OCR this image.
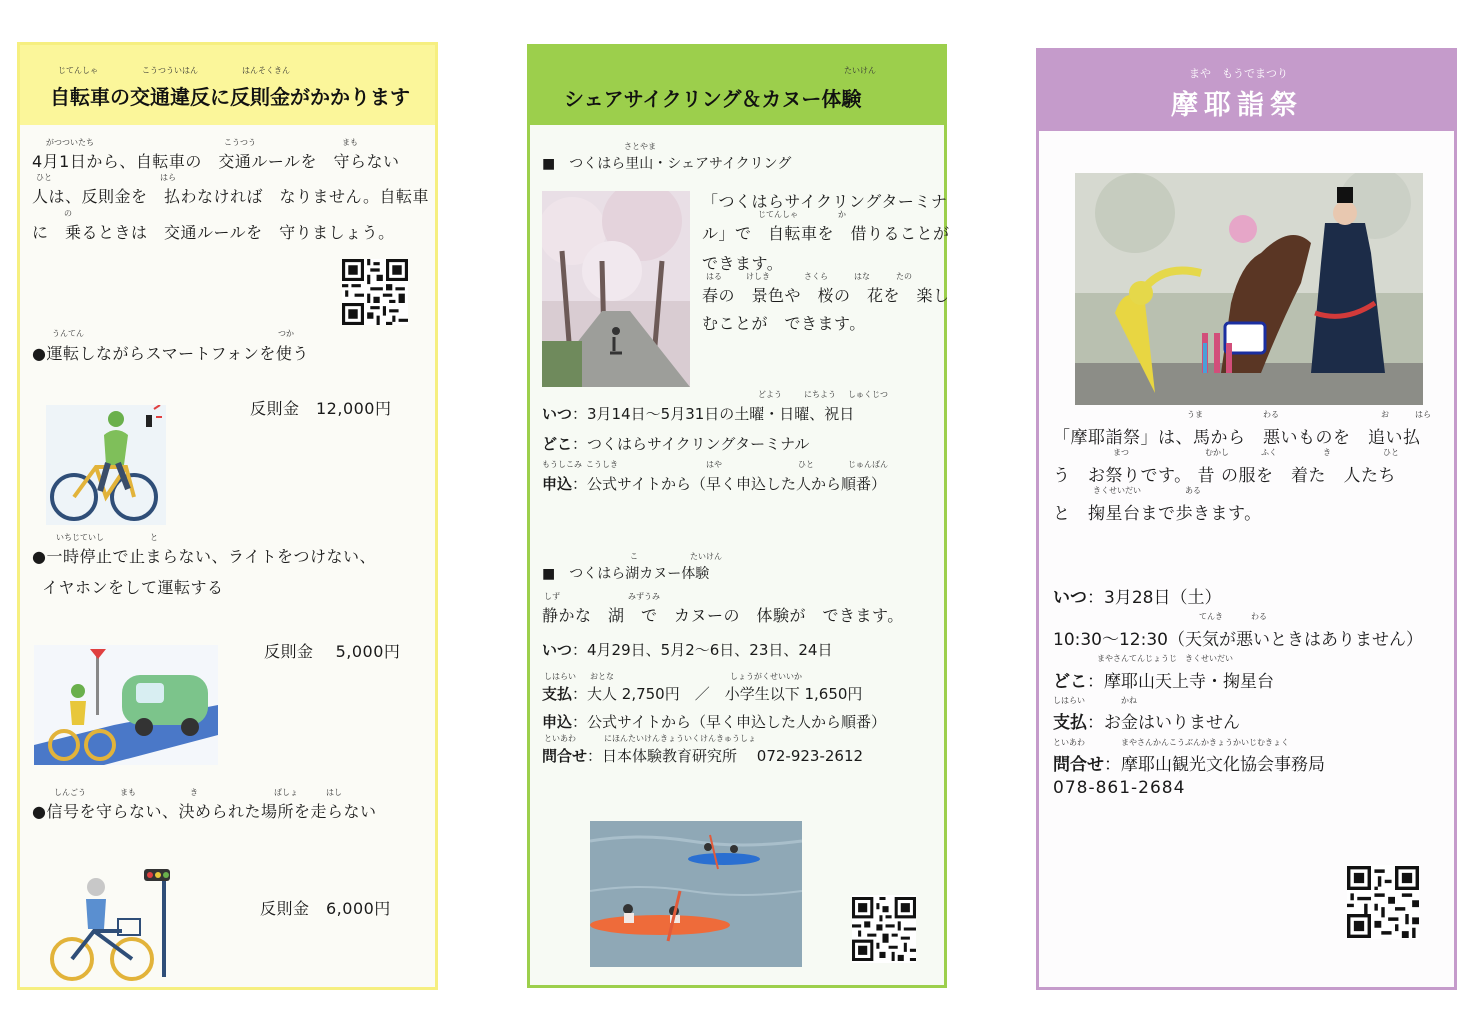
じてんしゃ	こうつういはん	はんそくきん
自転車の交通違反に反則金がかかります
がつついたち	こうつう	まも
4月1日から、自転車の　交通ルールを　守らない
ひと	はら
人は、反則金を　払わなければ　なりません。自転車
の
に　乗るときは　交通ルールを　守りましょう。
うんてん	つか
●運転しながらスマートフォンを使う
反則金　12,000円
いちじていし	と
●一時停止で止まらない、ライトをつけない、
イヤホンをして運転する
反則金　 5,000円
しんごう	まも	き	ばしょ	はし
●信号を守らない、決められた場所を走らない
反則金　6,000円
たいけん
シェアサイクリング＆カヌー体験
さとやま
■　つくはら里山・シェアサイクリング
「つくはらサイクリングターミナ
じてんしゃ	か
ル」で　自転車を　借りることが
できます。
はる	けしき	さくら	はな	たの
春の　景色や　桜の　花を　楽し
むことが　できます。
どよう	にちよう しゅくじつ
いつ：3月14日～5月31日の土曜・日曜、祝日
どこ：つくはらサイクリングターミナル
もうしこみ こうしき	はや	ひと	じゅんばん
申込：公式サイトから（早く申込した人から順番）
こ	たいけん
■　つくはら湖カヌー体験
しず	みずうみ
静かな　湖　で　カヌーの　体験が　できます。
いつ：4月29日、5月2～6日、23日、24日
しはらい おとな	しょうがくせいいか
支払：大人 2,750円　／　小学生以下 1,650円
申込：公式サイトから（早く申込した人から順番）
といあわ	にほんたいけんきょういくけんきゅうしょ
問合せ：日本体験教育研究所　 072-923-2612
まや　もうでまつり
摩耶詣祭
うま	わる	お	はら
「摩耶詣祭」は、馬から　悪いものを　追い払
まつ	むかし	ふく	き	ひと
う　お祭りです。 昔 の服を　着た　人たち
きくせいだい	ある
と　掬星台まで歩きます。
いつ：3月28日（土）
てんき	わる
10:30～12:30（天気が悪いときはありません）
まやさんてんじょうじ　きくせいだい
どこ：摩耶山天上寺・掬星台
しはらい	かね
支払：お金はいりません
といあわ	まやさんかんこうぶんかきょうかいじむきょく
問合せ：摩耶山観光文化協会事務局
078-861-2684
